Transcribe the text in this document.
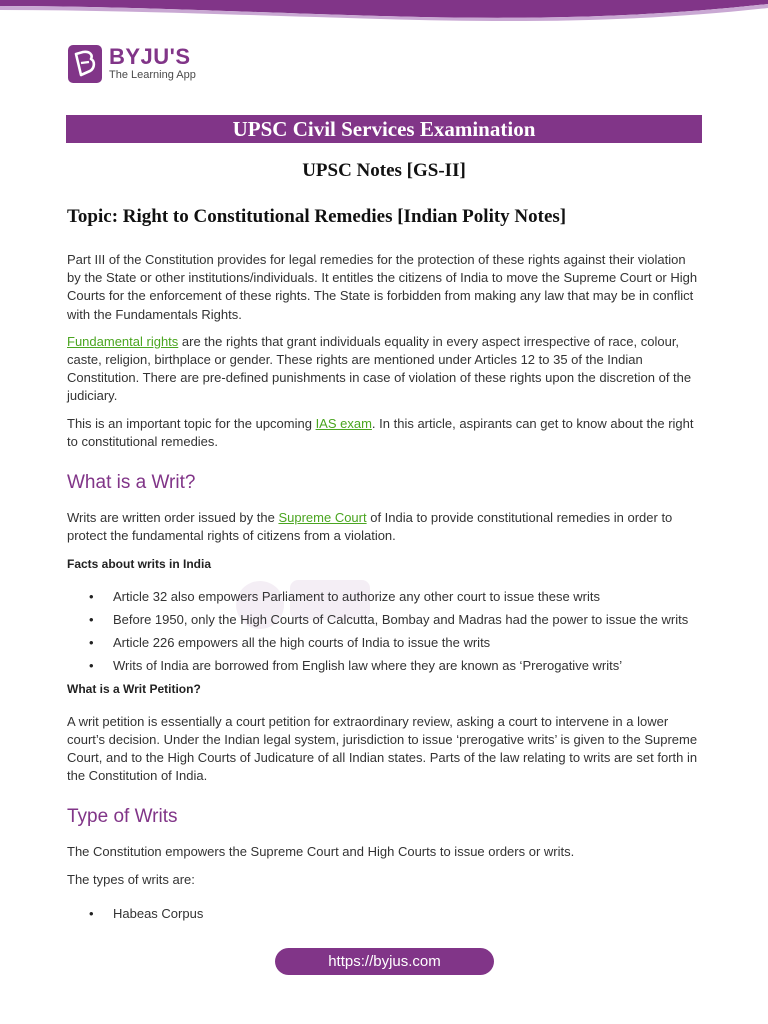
BYJU'S
The Learning App
UPSC Civil Services Examination
UPSC Notes [GS-II]
Topic: Right to Constitutional Remedies [Indian Polity Notes]

Part III of the Constitution provides for legal remedies for the protection of these rights against their violation by the State or other institutions/individuals. It entitles the citizens of India to move the Supreme Court or High Courts for the enforcement of these rights. The State is forbidden from making any law that may be in conflict with the Fundamentals Rights.

Fundamental rights are the rights that grant individuals equality in every aspect irrespective of race, colour, caste, religion, birthplace or gender. These rights are mentioned under Articles 12 to 35 of the Indian Constitution. There are pre-defined punishments in case of violation of these rights upon the discretion of the judiciary.

This is an important topic for the upcoming IAS exam. In this article, aspirants can get to know about the right to constitutional remedies.

What is a Writ?

Writs are written order issued by the Supreme Court of India to provide constitutional remedies in order to protect the fundamental rights of citizens from a violation.

Facts about writs in India
• Article 32 also empowers Parliament to authorize any other court to issue these writs
• Before 1950, only the High Courts of Calcutta, Bombay and Madras had the power to issue the writs
• Article 226 empowers all the high courts of India to issue the writs
• Writs of India are borrowed from English law where they are known as ‘Prerogative writs’
What is a Writ Petition?

A writ petition is essentially a court petition for extraordinary review, asking a court to intervene in a lower court’s decision. Under the Indian legal system, jurisdiction to issue ‘prerogative writs’ is given to the Supreme Court, and to the High Courts of Judicature of all Indian states. Parts of the law relating to writs are set forth in the Constitution of India.

Type of Writs

The Constitution empowers the Supreme Court and High Courts to issue orders or writs.

The types of writs are:

• Habeas Corpus
https://byjus.com
